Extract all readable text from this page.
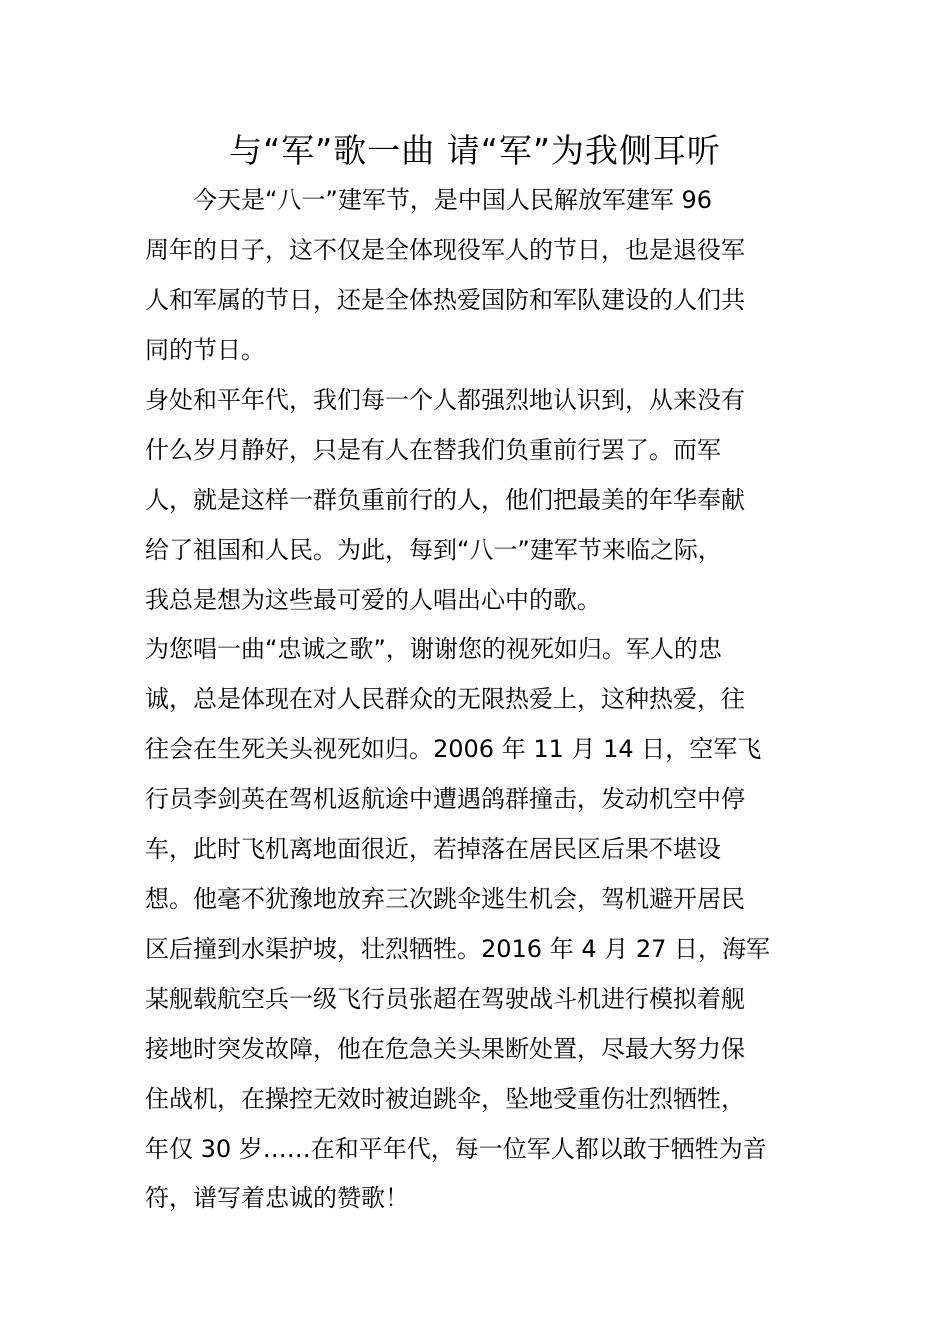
与“军”歌一曲 请“军”为我侧耳听
　　今天是“八一”建军节，是中国人民解放军建军 96
周年的日子，这不仅是全体现役军人的节日，也是退役军
人和军属的节日，还是全体热爱国防和军队建设的人们共
同的节日。
身处和平年代，我们每一个人都强烈地认识到，从来没有
什么岁月静好，只是有人在替我们负重前行罢了。而军
人，就是这样一群负重前行的人，他们把最美的年华奉献
给了祖国和人民。为此，每到“八一”建军节来临之际，
我总是想为这些最可爱的人唱出心中的歌。
为您唱一曲“忠诚之歌”，谢谢您的视死如归。军人的忠
诚，总是体现在对人民群众的无限热爱上，这种热爱，往
往会在生死关头视死如归。2006 年 11 月 14 日，空军飞
行员李剑英在驾机返航途中遭遇鸽群撞击，发动机空中停
车，此时飞机离地面很近，若掉落在居民区后果不堪设
想。他毫不犹豫地放弃三次跳伞逃生机会，驾机避开居民
区后撞到水渠护坡，壮烈牺牲。2016 年 4 月 27 日，海军
某舰载航空兵一级飞行员张超在驾驶战斗机进行模拟着舰
接地时突发故障，他在危急关头果断处置，尽最大努力保
住战机，在操控无效时被迫跳伞，坠地受重伤壮烈牺牲，
年仅 30 岁……在和平年代，每一位军人都以敢于牺牲为音
符，谱写着忠诚的赞歌！
